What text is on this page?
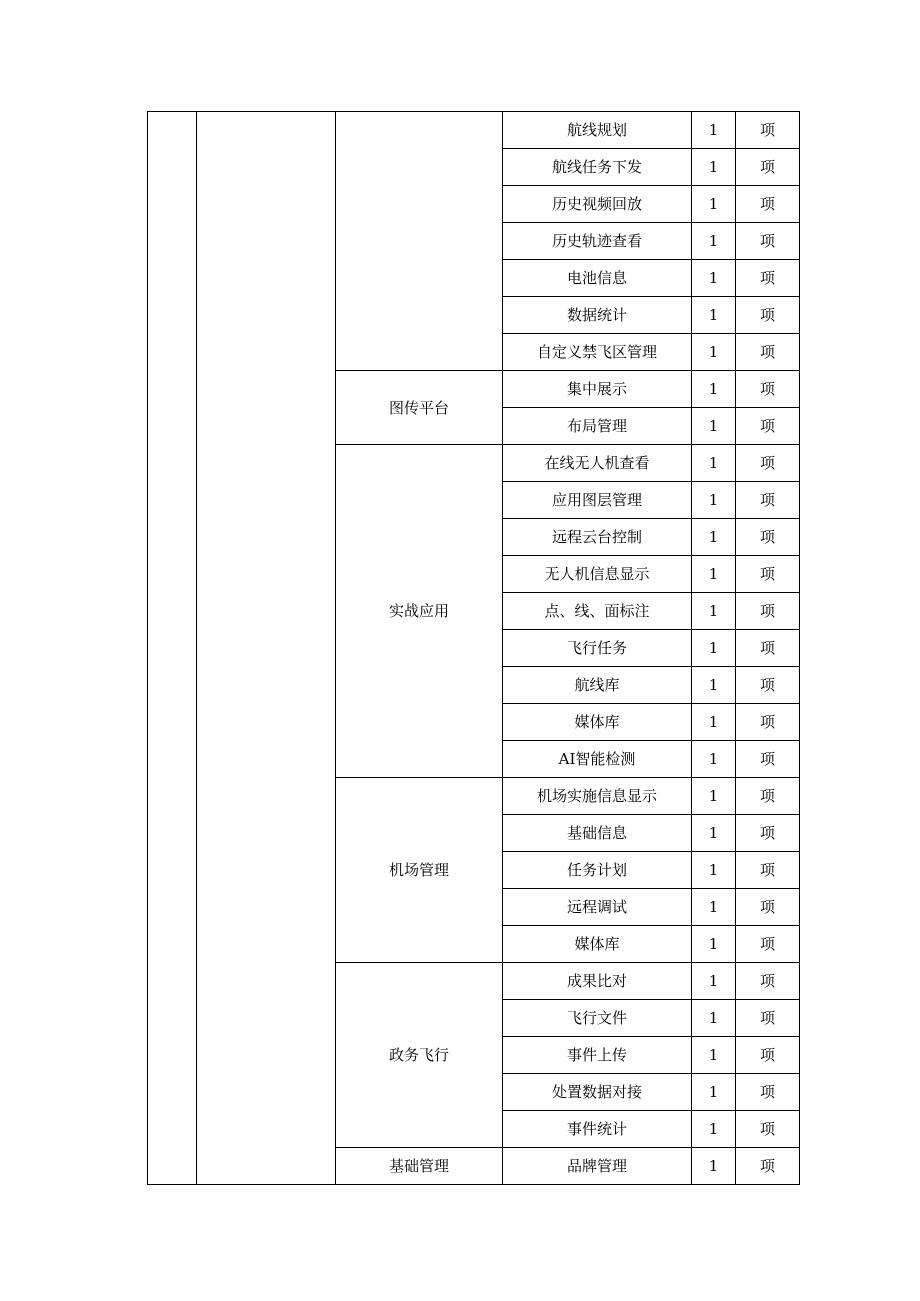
			航线规划	1	项
			航线任务下发	1	项
			历史视频回放	1	项
			历史轨迹查看	1	项
			电池信息	1	项
			数据统计	1	项
			自定义禁飞区管理	1	项
		图传平台	集中展示	1	项
			布局管理	1	项
		实战应用	在线无人机查看	1	项
			应用图层管理	1	项
			远程云台控制	1	项
			无人机信息显示	1	项
			点、线、面标注	1	项
			飞行任务	1	项
			航线库	1	项
			媒体库	1	项
			AI智能检测	1	项
		机场管理	机场实施信息显示	1	项
			基础信息	1	项
			任务计划	1	项
			远程调试	1	项
			媒体库	1	项
		政务飞行	成果比对	1	项
			飞行文件	1	项
			事件上传	1	项
			处置数据对接	1	项
			事件统计	1	项
		基础管理	品牌管理	1	项
